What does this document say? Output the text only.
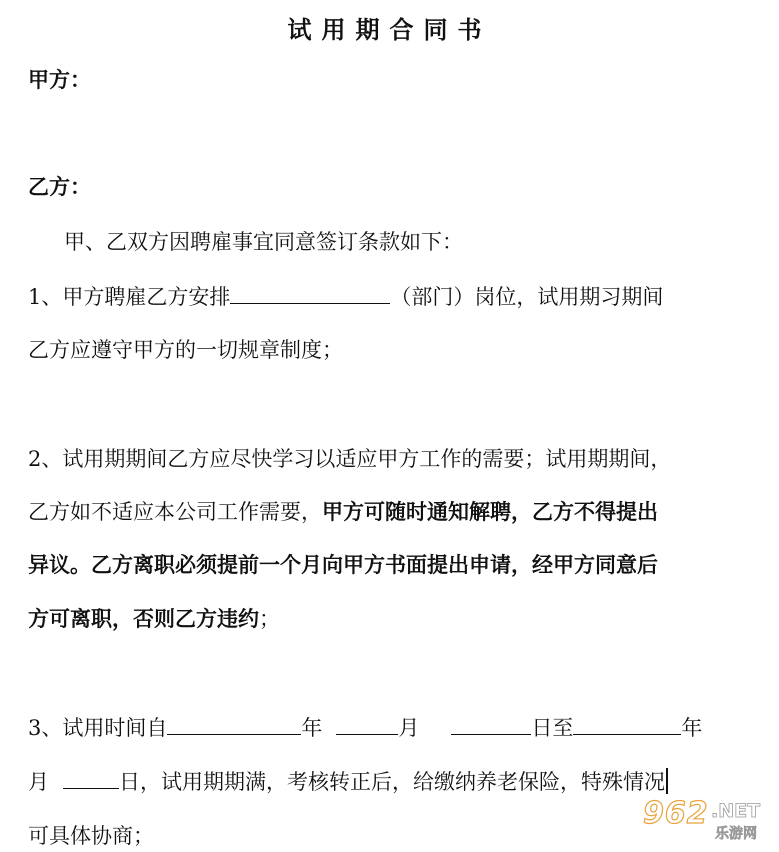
试用期合同书
甲方：
乙方：
甲、乙双方因聘雇事宜同意签订条款如下：
1、甲方聘雇乙方安排	（部门）岗位，试用期习期间
乙方应遵守甲方的一切规章制度；
2、试用期期间乙方应尽快学习以适应甲方工作的需要；试用期期间，
乙方如不适应本公司工作需要，甲方可随时通知解聘，乙方不得提出
异议。乙方离职必须提前一个月向甲方书面提出申请，经甲方同意后
方可离职，否则乙方违约；
3、试用时间自	年	月	日至	年
月	日，试用期期满，考核转正后，给缴纳养老保险，特殊情况
可具体协商；
962 .NET
乐游网
